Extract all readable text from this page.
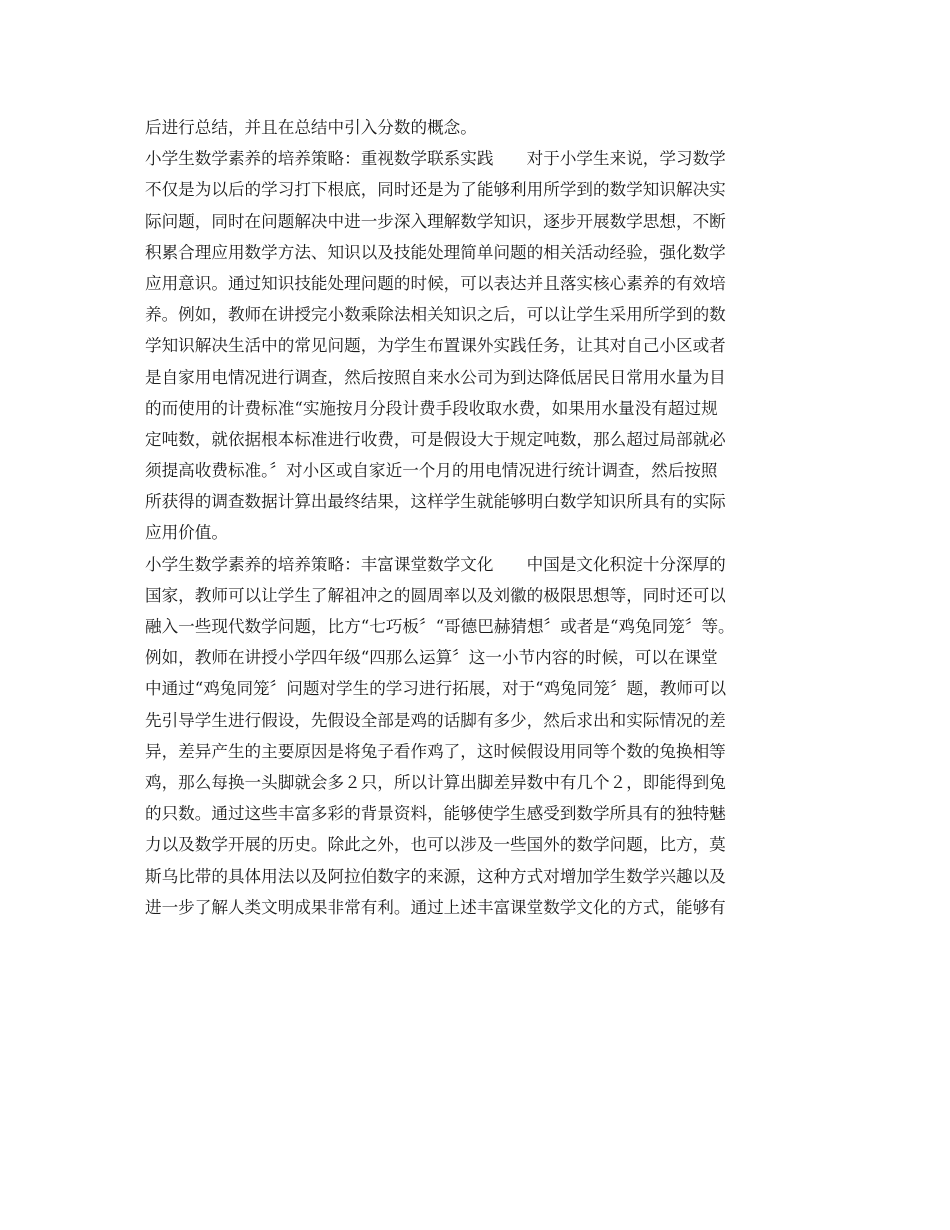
后进行总结，并且在总结中引入分数的概念。
小学生数学素养的培养策略：重视数学联系实践　　对于小学生来说，学习数学
不仅是为以后的学习打下根底，同时还是为了能够利用所学到的数学知识解决实
际问题，同时在问题解决中进一步深入理解数学知识，逐步开展数学思想，不断
积累合理应用数学方法、知识以及技能处理简单问题的相关活动经验，强化数学
应用意识。通过知识技能处理问题的时候，可以表达并且落实核心素养的有效培
养。例如，教师在讲授完小数乘除法相关知识之后，可以让学生采用所学到的数
学知识解决生活中的常见问题，为学生布置课外实践任务，让其对自己小区或者
是自家用电情况进行调查，然后按照自来水公司为到达降低居民日常用水量为目
的而使用的计费标准“实施按月分段计费手段收取水费，如果用水量没有超过规
定吨数，就依据根本标准进行收费，可是假设大于规定吨数，那么超过局部就必
须提高收费标准。〞对小区或自家近一个月的用电情况进行统计调查，然后按照
所获得的调查数据计算出最终结果，这样学生就能够明白数学知识所具有的实际
应用价值。
小学生数学素养的培养策略：丰富课堂数学文化　　中国是文化积淀十分深厚的
国家，教师可以让学生了解祖冲之的圆周率以及刘徽的极限思想等，同时还可以
融入一些现代数学问题，比方“七巧板〞“哥德巴赫猜想〞或者是“鸡兔同笼〞等。
例如，教师在讲授小学四年级“四那么运算〞这一小节内容的时候，可以在课堂
中通过“鸡兔同笼〞问题对学生的学习进行拓展，对于“鸡兔同笼〞题，教师可以
先引导学生进行假设，先假设全部是鸡的话脚有多少，然后求出和实际情况的差
异，差异产生的主要原因是将兔子看作鸡了，这时候假设用同等个数的兔换相等
鸡，那么每换一头脚就会多２只，所以计算出脚差异数中有几个２，即能得到兔
的只数。通过这些丰富多彩的背景资料，能够使学生感受到数学所具有的独特魅
力以及数学开展的历史。除此之外，也可以涉及一些国外的数学问题，比方，莫
斯乌比带的具体用法以及阿拉伯数字的来源，这种方式对增加学生数学兴趣以及
进一步了解人类文明成果非常有利。通过上述丰富课堂数学文化的方式，能够有
